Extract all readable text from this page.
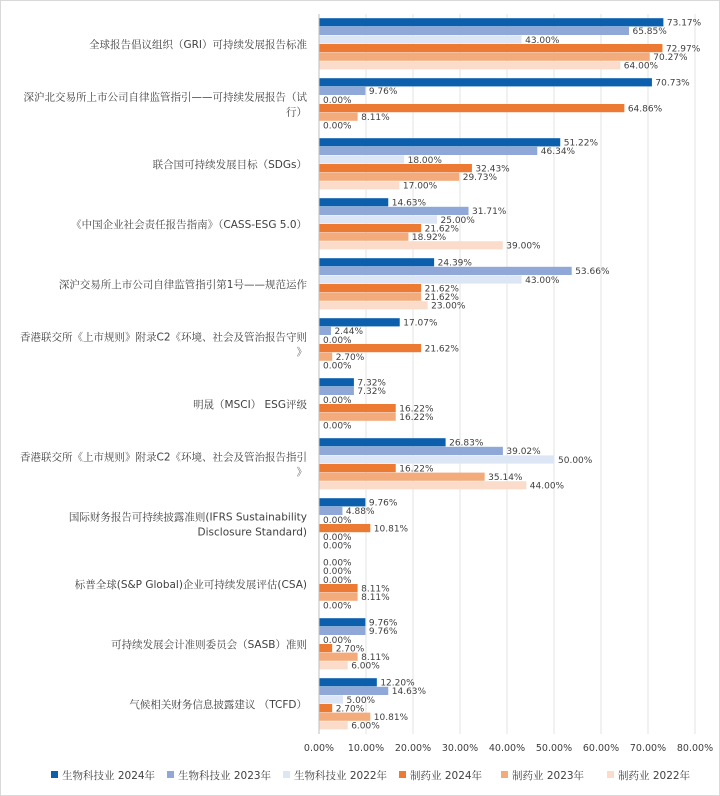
73.17%
65.85%
43.00%
72.97%
70.27%
64.00%
70.73%
9.76%
0.00%
64.86%
8.11%
0.00%
51.22%
46.34%
18.00%
32.43%
29.73%
17.00%
14.63%
31.71%
25.00%
21.62%
18.92%
39.00%
24.39%
53.66%
43.00%
21.62%
21.62%
23.00%
17.07%
2.44%
0.00%
21.62%
2.70%
0.00%
7.32%
7.32%
0.00%
16.22%
16.22%
0.00%
26.83%
39.02%
50.00%
16.22%
35.14%
44.00%
9.76%
4.88%
0.00%
10.81%
0.00%
0.00%
0.00%
0.00%
0.00%
8.11%
8.11%
0.00%
9.76%
9.76%
0.00%
2.70%
8.11%
6.00%
12.20%
14.63%
5.00%
2.70%
10.81%
6.00%
0.00% 10.00% 20.00% 30.00% 40.00% 50.00% 60.00% 70.00% 80.00%
全球报告倡议组织（GRI）可持续发展报告标准
深沪北交易所上市公司自律监管指引——可持续发展报告（试行）
联合国可持续发展目标（SDGs）
《中国企业社会责任报告指南》（CASS-ESG 5.0）
深沪交易所上市公司自律监管指引第1号——规范运作
香港联交所《上市规则》附录C2《环境、社会及管治报告守则》
明晟（MSCI） ESG评级
香港联交所《上市规则》附录C2《环境、社会及管治报告指引》
国际财务报告可持续披露准则(IFRS Sustainability Disclosure Standard)
标普全球(S&P Global)企业可持续发展评估(CSA)
可持续发展会计准则委员会（SASB）准则
气候相关财务信息披露建议 （TCFD）
生物科技业 2024年 生物科技业 2023年 生物科技业 2022年 制药业 2024年	制药业 2023年	制药业 2022年
